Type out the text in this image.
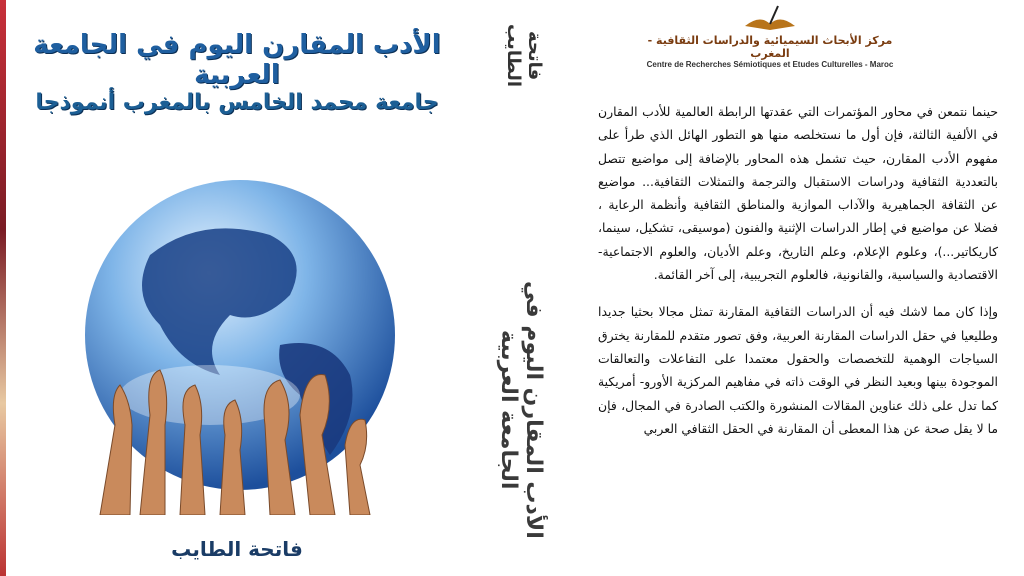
الأدب المقارن اليوم في الجامعة العربية
جامعة محمد الخامس بالمغرب أنموذجا
فاتحة الطايب
فاتحة الطايب
الأدب المقارن اليوم في الجامعة العربية
مركز الأبحاث السيميائية والدراسات الثقافية - المغرب
Centre de Recherches Sémiotiques et Etudes Culturelles - Maroc

حينما نتمعن في محاور المؤتمرات التي عقدتها الرابطة العالمية للأدب المقارن في الألفية الثالثة، فإن أول ما نستخلصه منها هو التطور الهائل الذي طرأ على مفهوم الأدب المقارن، حيث تشمل هذه المحاور بالإضافة إلى مواضيع تتصل بالتعددية الثقافية ودراسات الاستقبال والترجمة والتمثلات الثقافية... مواضيع عن الثقافة الجماهيرية والآداب الموازية والمناطق الثقافية وأنظمة الرعاية ، فضلا عن مواضيع في إطار الدراسات الإثنية والفنون (موسيقى، تشكيل، سينما، كاريكاتير...)، وعلوم الإعلام، وعلم التاريخ، وعلم الأديان، والعلوم الاجتماعية- الاقتصادية والسياسية، والقانونية، فالعلوم التجريبية، إلى آخر القائمة.

وإذا كان مما لاشك فيه أن الدراسات الثقافية المقارنة تمثل مجالا بحثيا جديدا وطليعيا في حقل الدراسات المقارنة العربية، وفق تصور متقدم للمقارنة يخترق السياجات الوهمية للتخصصات والحقول معتمدا على التفاعلات والتعالقات الموجودة بينها وبعيد النظر في الوقت ذاته في مفاهيم المركزية الأورو- أمريكية كما تدل على ذلك عناوين المقالات المنشورة والكتب الصادرة في المجال، فإن ما لا يقل صحة عن هذا المعطى أن المقارنة في الحقل الثقافي العربي
